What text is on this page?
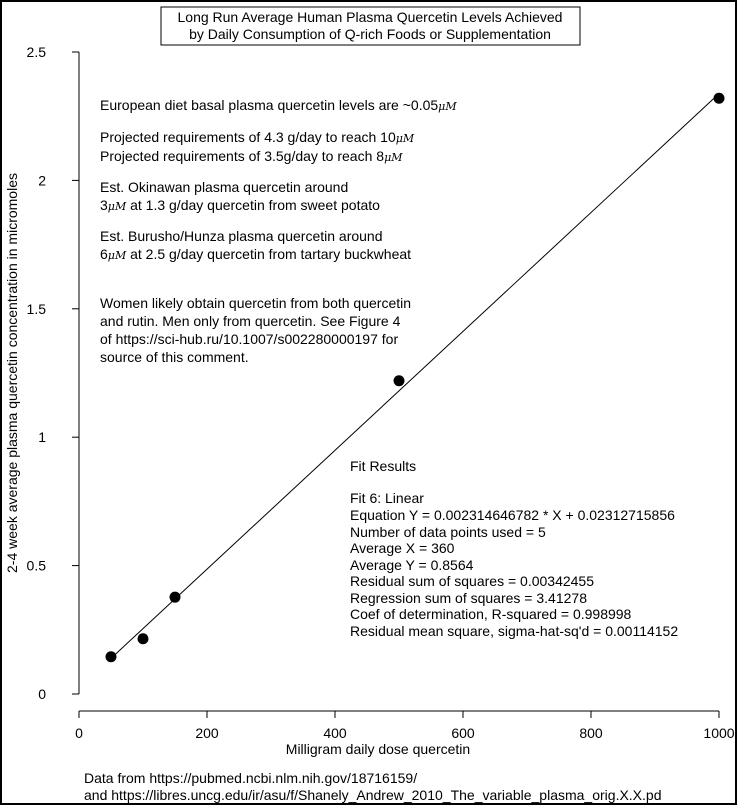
Long Run Average Human Plasma Quercetin Levels Achieved
by Daily Consumption of Q-rich Foods or Supplementation
0
0.5
1
1.5
2
2.5
0	200	400	600	800	1000
Milligram daily dose quercetin
2-4 week average plasma quercetin concentration in micromoles
European diet basal plasma quercetin levels are ~0.05μM
Projected requirements of 4.3 g/day to reach 10μM
Projected requirements of 3.5g/day to reach 8μM
Est. Okinawan plasma quercetin around
3μM at 1.3 g/day quercetin from sweet potato
Est. Burusho/Hunza plasma quercetin around
6μM at 2.5 g/day quercetin from tartary buckwheat
Women likely obtain quercetin from both quercetin
and rutin. Men only from quercetin. See Figure 4
of https://sci-hub.ru/10.1007/s002280000197 for
source of this comment.
Fit Results
Fit 6: Linear
Equation Y = 0.002314646782 * X + 0.02312715856
Number of data points used = 5
Average X = 360
Average Y = 0.8564
Residual sum of squares = 0.00342455
Regression sum of squares = 3.41278
Coef of determination, R-squared = 0.998998
Residual mean square, sigma-hat-sq'd = 0.00114152
Data from https://pubmed.ncbi.nlm.nih.gov/18716159/
and https://libres.uncg.edu/ir/asu/f/Shanely_Andrew_2010_The_variable_plasma_orig.X.X.pd
